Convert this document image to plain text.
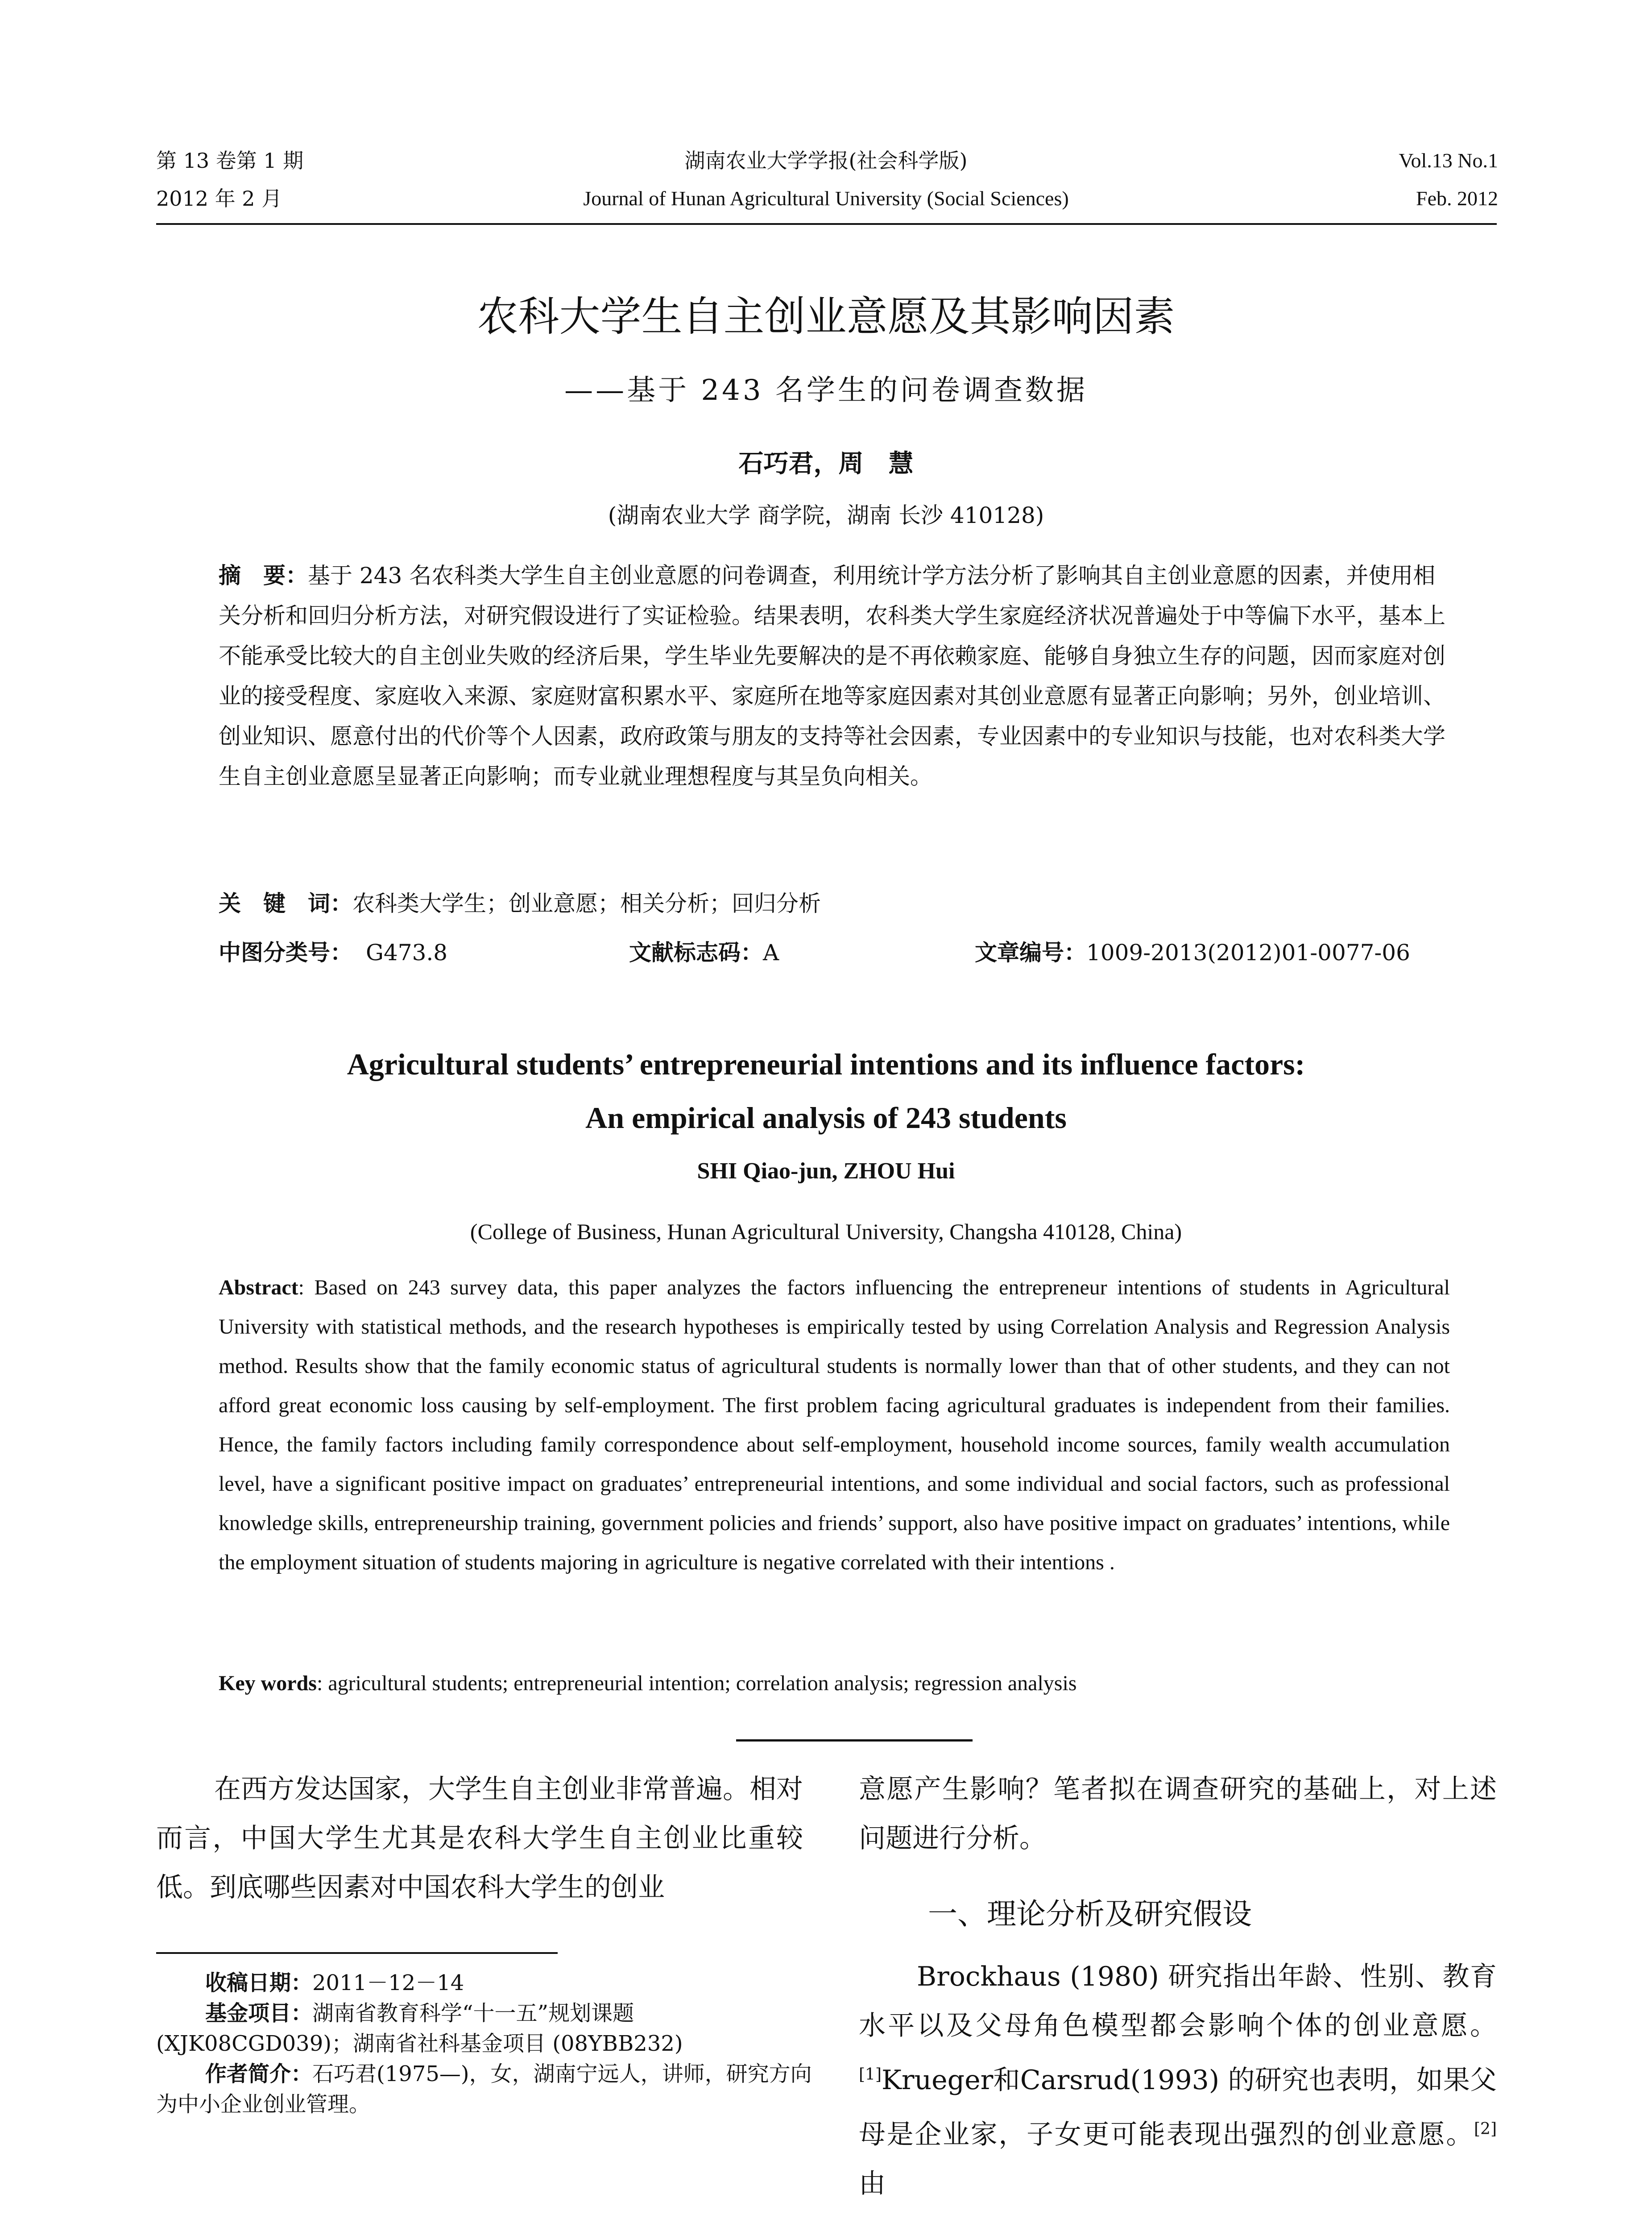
第 13 卷第 1 期
2012 年 2 月
湖南农业大学学报(社会科学版)
Journal of Hunan Agricultural University (Social Sciences)
Vol.13 No.1
Feb. 2012
农科大学生自主创业意愿及其影响因素
——基于 243 名学生的问卷调查数据
石巧君，周　慧
(湖南农业大学 商学院，湖南 长沙 410128)
摘　要：基于 243 名农科类大学生自主创业意愿的问卷调查，利用统计学方法分析了影响其自主创业意愿的因素，并使用相关分析和回归分析方法，对研究假设进行了实证检验。结果表明，农科类大学生家庭经济状况普遍处于中等偏下水平，基本上不能承受比较大的自主创业失败的经济后果，学生毕业先要解决的是不再依赖家庭、能够自身独立生存的问题，因而家庭对创业的接受程度、家庭收入来源、家庭财富积累水平、家庭所在地等家庭因素对其创业意愿有显著正向影响；另外，创业培训、创业知识、愿意付出的代价等个人因素，政府政策与朋友的支持等社会因素，专业因素中的专业知识与技能，也对农科类大学生自主创业意愿呈显著正向影响；而专业就业理想程度与其呈负向相关。
关　键　词：农科类大学生；创业意愿；相关分析；回归分析
中图分类号： G473.8	文献标志码：A	文章编号：1009-2013(2012)01-0077-06
Agricultural students’ entrepreneurial intentions and its influence factors:
An empirical analysis of 243 students
SHI Qiao-jun, ZHOU Hui
(College of Business, Hunan Agricultural University, Changsha 410128, China)
Abstract: Based on 243 survey data, this paper analyzes the factors influencing the entrepreneur intentions of students in Agricultural University with statistical methods, and the research hypotheses is empirically tested by using Correlation Analysis and Regression Analysis method. Results show that the family economic status of agricultural students is normally lower than that of other students, and they can not afford great economic loss causing by self-employment. The first problem facing agricultural graduates is independent from their families. Hence, the family factors including family correspondence about self-employment, household income sources, family wealth accumulation level, have a significant positive impact on graduates’ entrepreneurial intentions, and some individual and social factors, such as professional knowledge skills, entrepreneurship training, government policies and friends’ support, also have positive impact on graduates’ intentions, while the employment situation of students majoring in agriculture is negative correlated with their intentions .
Key words: agricultural students; entrepreneurial intention; correlation analysis; regression analysis
在西方发达国家，大学生自主创业非常普遍。相对而言，中国大学生尤其是农科大学生自主创业比重较低。到底哪些因素对中国农科大学生的创业
收稿日期：2011－12－14
基金项目：湖南省教育科学“十一五”规划课题(XJK08CGD039)；湖南省社科基金项目 (08YBB232)
作者简介：石巧君(1975—)，女，湖南宁远人，讲师，研究方向为中小企业创业管理。
意愿产生影响？笔者拟在调查研究的基础上，对上述问题进行分析。
一、理论分析及研究假设
Brockhaus (1980) 研究指出年龄、性别、教育水平以及父母角色模型都会影响个体的创业意愿。[1]Krueger和Carsrud(1993) 的研究也表明，如果父母是企业家，子女更可能表现出强烈的创业意愿。[2]由
